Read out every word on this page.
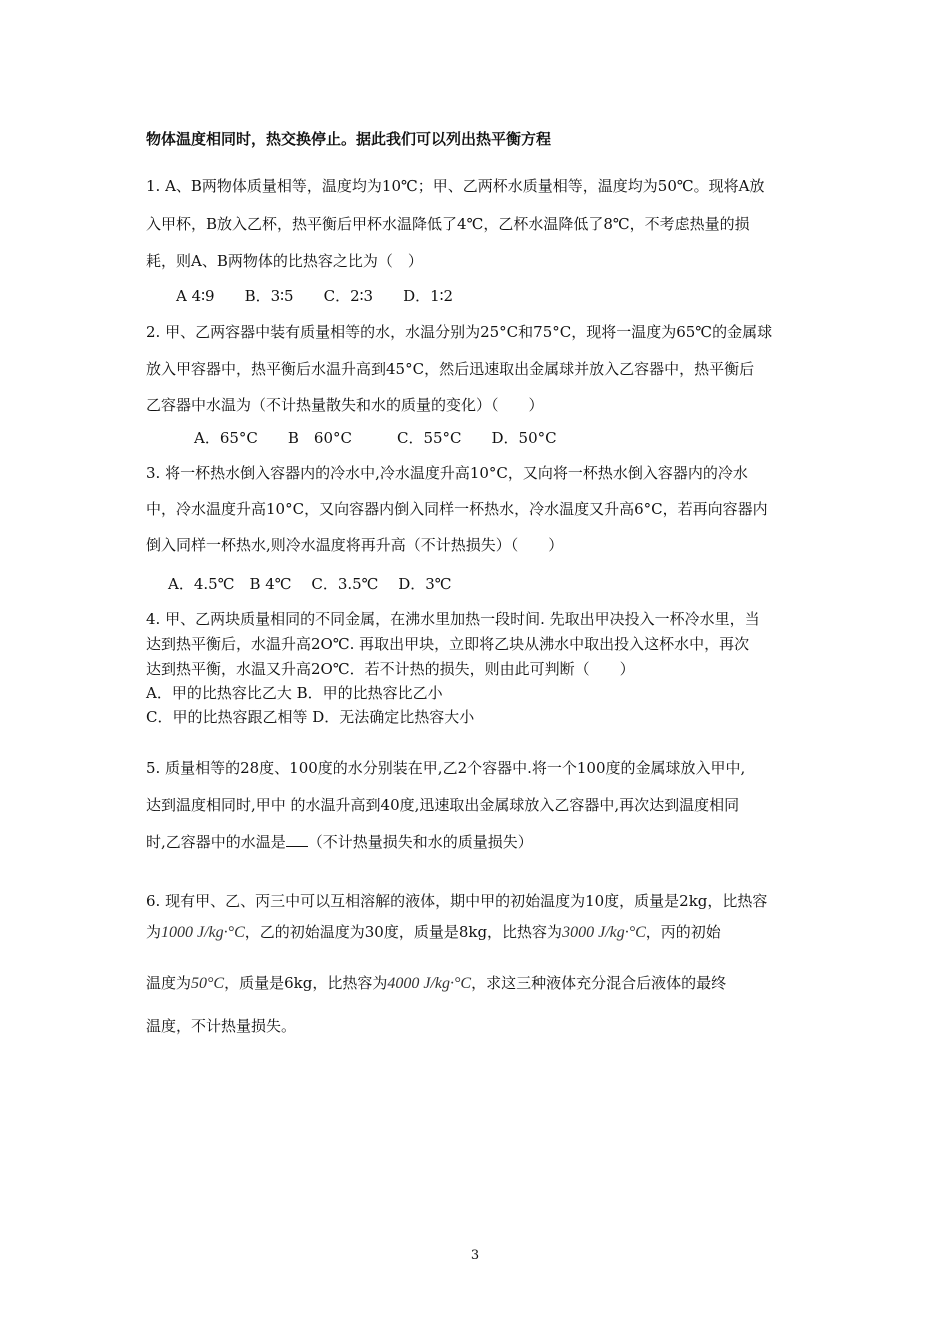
物体温度相同时，热交换停止。据此我们可以列出热平衡方程
1. A、B两物体质量相等，温度均为10℃；甲、乙两杯水质量相等，温度均为50℃。现将A放
入甲杯，B放入乙杯，热平衡后甲杯水温降低了4℃，乙杯水温降低了8℃，不考虑热量的损
耗，则A、B两物体的比热容之比为（　）
A 4∶9　　B．3∶5　　C．2∶3　　D．1∶2
2. 甲、乙两容器中装有质量相等的水，水温分别为25°C和75°C，现将一温度为65℃的金属球
放入甲容器中，热平衡后水温升高到45°C，然后迅速取出金属球并放入乙容器中，热平衡后
乙容器中水温为（不计热量散失和水的质量的变化）（　　）
A．65°C　　B　60°C　　　C．55°C　　D．50°C
3. 将一杯热水倒入容器内的冷水中,冷水温度升高10°C，又向将一杯热水倒入容器内的冷水
中，冷水温度升高10°C，又向容器内倒入同样一杯热水，冷水温度又升高6°C，若再向容器内
倒入同样一杯热水,则冷水温度将再升高（不计热损失）（　　）
A．4.5℃　B 4℃　 C．3.5℃　 D．3℃
4. 甲、乙两块质量相同的不同金属，在沸水里加热一段时间. 先取出甲决投入一杯冷水里，当
达到热平衡后，水温升高2O℃. 再取出甲块，立即将乙块从沸水中取出投入这杯水中，再次
达到热平衡，水温又升高2O℃．若不计热的损失，则由此可判断（　　）
A．甲的比热容比乙大 B．甲的比热容比乙小
C．甲的比热容跟乙相等 D．无法确定比热容大小
5. 质量相等的28度、100度的水分别装在甲,乙2个容器中.将一个100度的金属球放入甲中,
达到温度相同时,甲中 的水温升高到40度,迅速取出金属球放入乙容器中,再次达到温度相同
时,乙容器中的水温是 （不计热量损失和水的质量损失）
6. 现有甲、乙、丙三中可以互相溶解的液体，期中甲的初始温度为10度，质量是2kg，比热容
为1000 J/kg·°C，乙的初始温度为30度，质量是8kg，比热容为3000 J/kg·°C，丙的初始
温度为50°C，质量是6kg，比热容为4000 J/kg·°C，求这三种液体充分混合后液体的最终
温度，不计热量损失。
3
